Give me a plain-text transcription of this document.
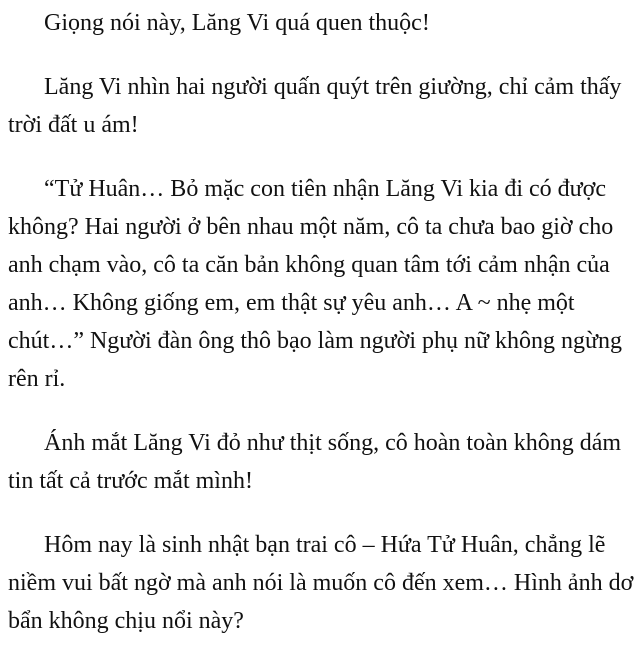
Giọng nói này, Lăng Vi quá quen thuộc!

Lăng Vi nhìn hai người quấn quýt trên giường, chỉ cảm thấy trời đất u ám!

“Tử Huân… Bỏ mặc con tiên nhận Lăng Vi kia đi có được không? Hai người ở bên nhau một năm, cô ta chưa bao giờ cho anh chạm vào, cô ta căn bản không quan tâm tới cảm nhận của anh… Không giống em, em thật sự yêu anh… A ~ nhẹ một chút…” Người đàn ông thô bạo làm người phụ nữ không ngừng rên rỉ.

Ánh mắt Lăng Vi đỏ như thịt sống, cô hoàn toàn không dám tin tất cả trước mắt mình!

Hôm nay là sinh nhật bạn trai cô – Hứa Tử Huân, chẳng lẽ niềm vui bất ngờ mà anh nói là muốn cô đến xem… Hình ảnh dơ bẩn không chịu nổi này?
